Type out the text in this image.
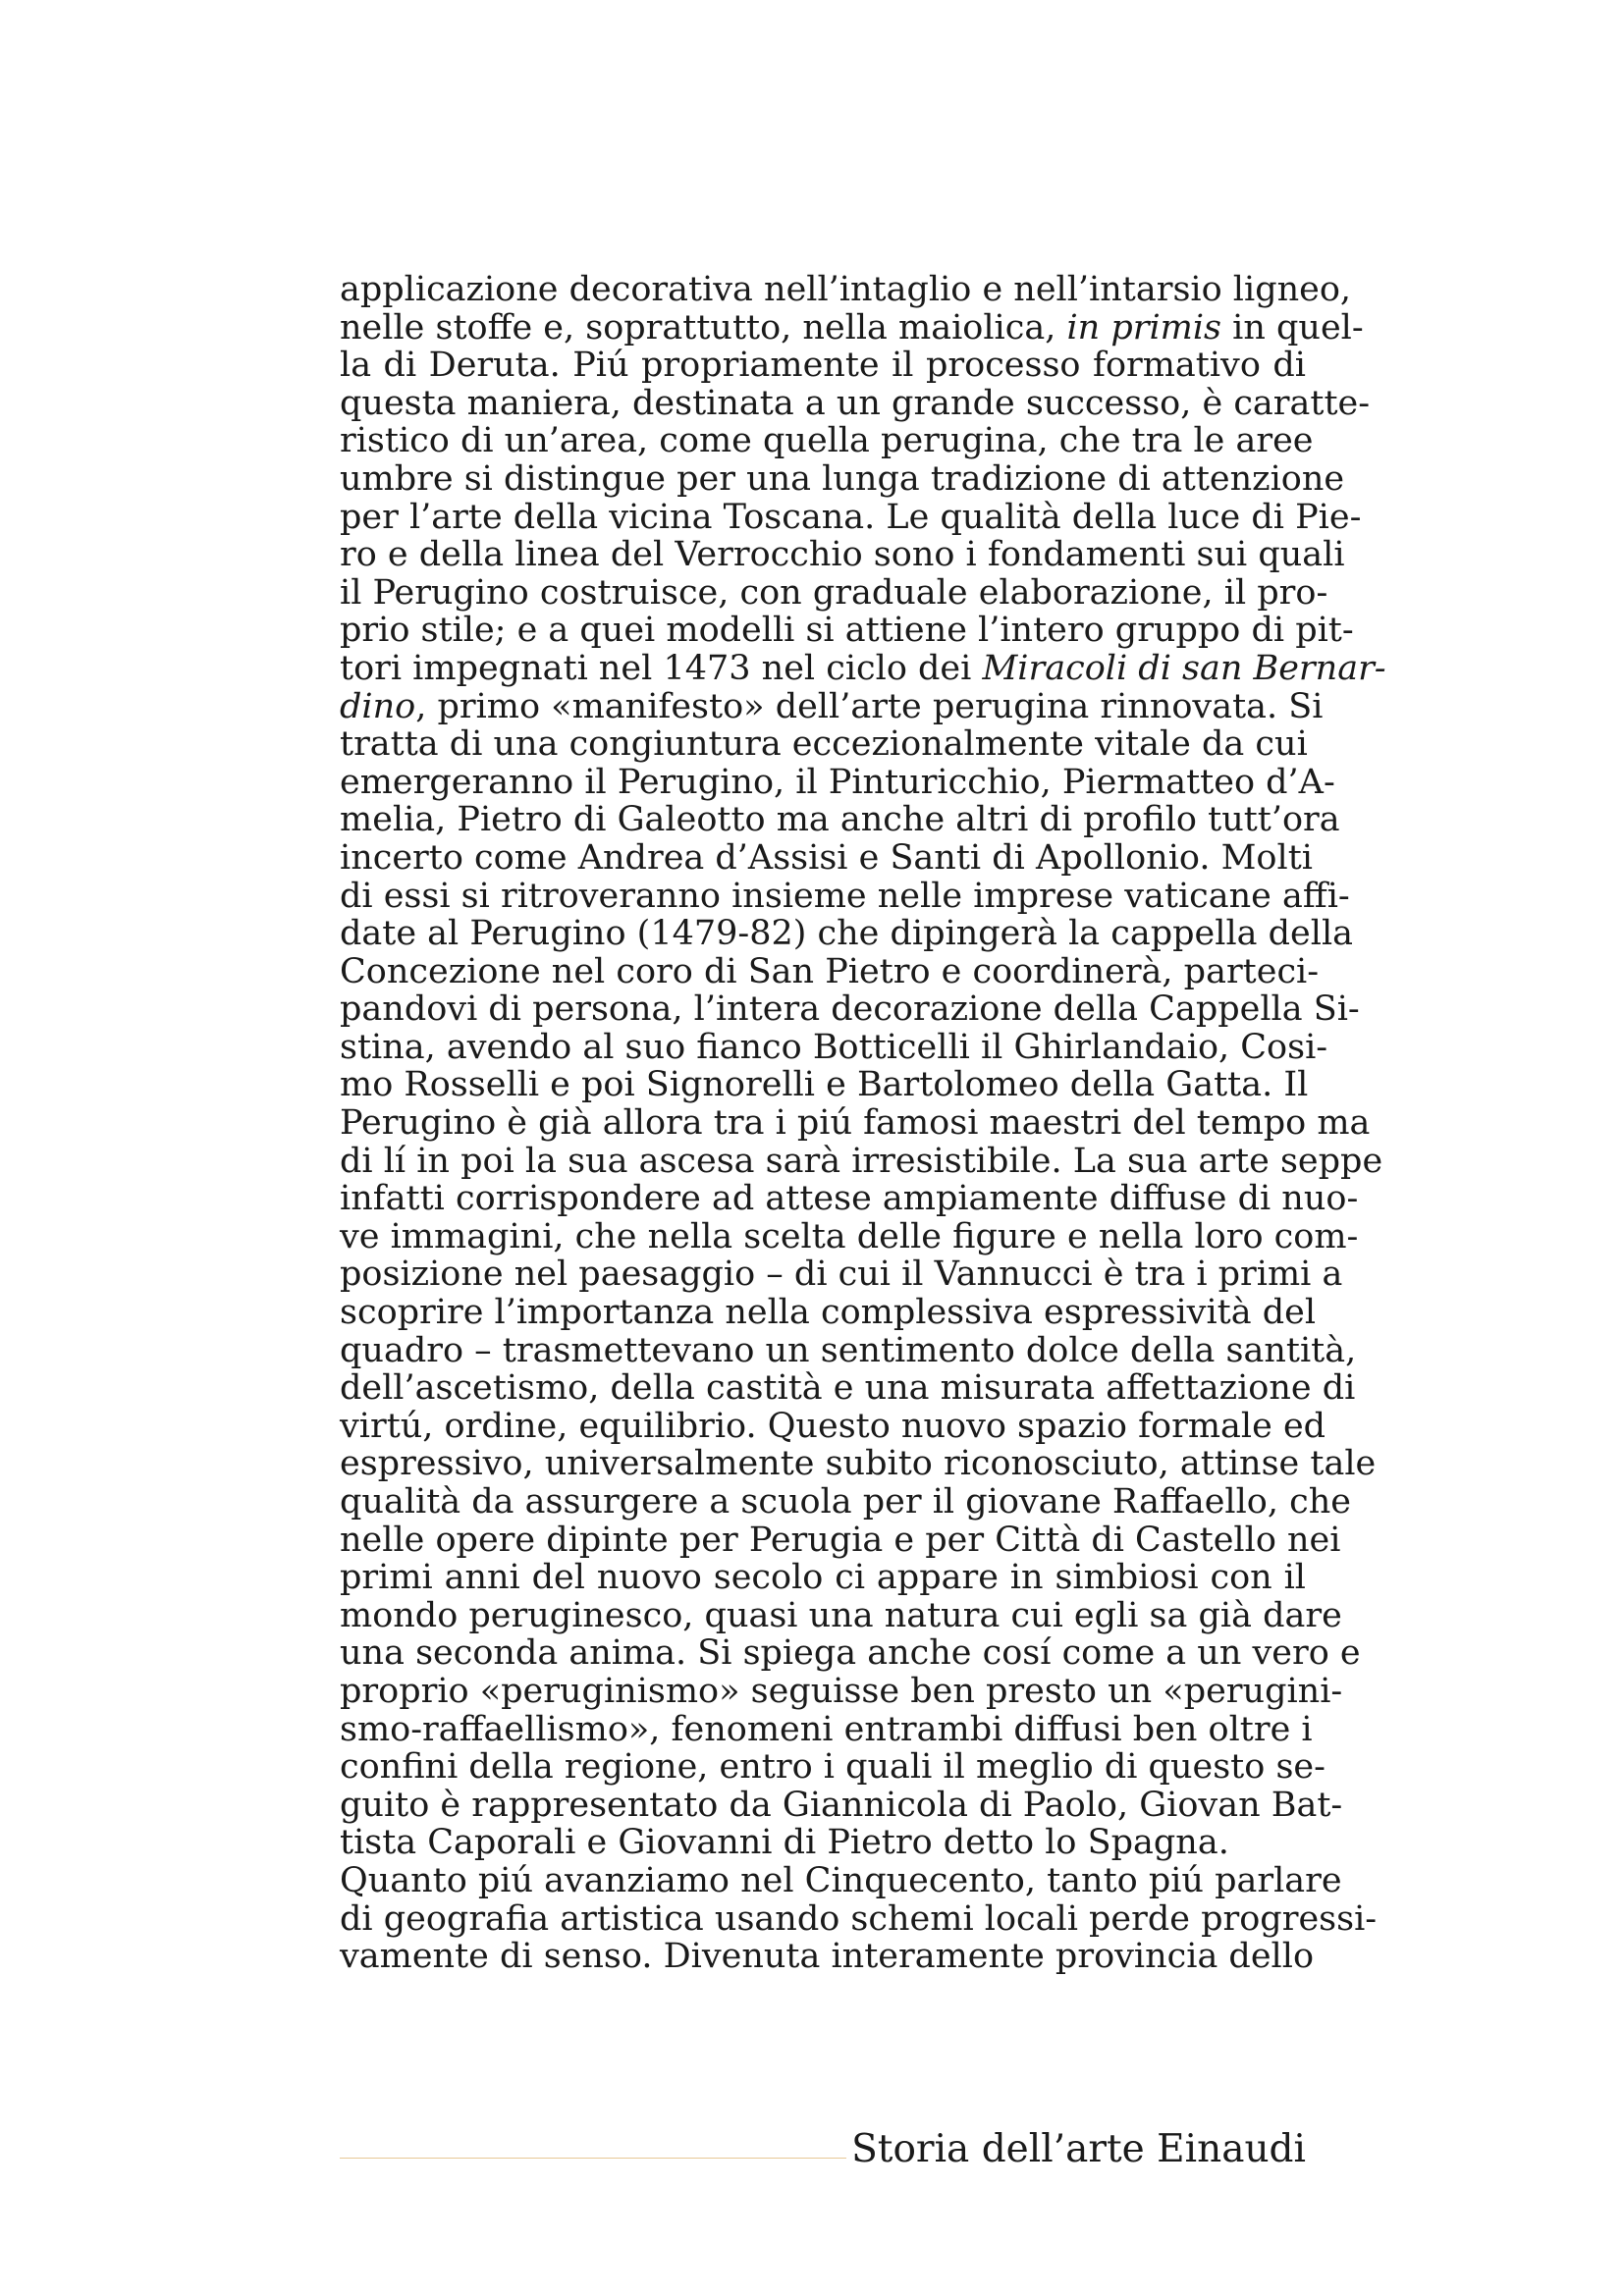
applicazione decorativa nell’intaglio e nell’intarsio ligneo,
nelle stoffe e, soprattutto, nella maiolica, in primis in quel-
la di Deruta. Piú propriamente il processo formativo di
questa maniera, destinata a un grande successo, è caratte-
ristico di un’area, come quella perugina, che tra le aree
umbre si distingue per una lunga tradizione di attenzione
per l’arte della vicina Toscana. Le qualità della luce di Pie-
ro e della linea del Verrocchio sono i fondamenti sui quali
il Perugino costruisce, con graduale elaborazione, il pro-
prio stile; e a quei modelli si attiene l’intero gruppo di pit-
tori impegnati nel 1473 nel ciclo dei Miracoli di san Bernar-
dino, primo «manifesto» dell’arte perugina rinnovata. Si
tratta di una congiuntura eccezionalmente vitale da cui
emergeranno il Perugino, il Pinturicchio, Piermatteo d’A-
melia, Pietro di Galeotto ma anche altri di profilo tutt’ora
incerto come Andrea d’Assisi e Santi di Apollonio. Molti
di essi si ritroveranno insieme nelle imprese vaticane affi-
date al Perugino (1479-82) che dipingerà la cappella della
Concezione nel coro di San Pietro e coordinerà, parteci-
pandovi di persona, l’intera decorazione della Cappella Si-
stina, avendo al suo fianco Botticelli il Ghirlandaio, Cosi-
mo Rosselli e poi Signorelli e Bartolomeo della Gatta. Il
Perugino è già allora tra i piú famosi maestri del tempo ma
di lí in poi la sua ascesa sarà irresistibile. La sua arte seppe
infatti corrispondere ad attese ampiamente diffuse di nuo-
ve immagini, che nella scelta delle figure e nella loro com-
posizione nel paesaggio – di cui il Vannucci è tra i primi a
scoprire l’importanza nella complessiva espressività del
quadro – trasmettevano un sentimento dolce della santità,
dell’ascetismo, della castità e una misurata affettazione di
virtú, ordine, equilibrio. Questo nuovo spazio formale ed
espressivo, universalmente subito riconosciuto, attinse tale
qualità da assurgere a scuola per il giovane Raffaello, che
nelle opere dipinte per Perugia e per Città di Castello nei
primi anni del nuovo secolo ci appare in simbiosi con il
mondo peruginesco, quasi una natura cui egli sa già dare
una seconda anima. Si spiega anche cosí come a un vero e
proprio «peruginismo» seguisse ben presto un «perugini-
smo-raffaellismo», fenomeni entrambi diffusi ben oltre i
confini della regione, entro i quali il meglio di questo se-
guito è rappresentato da Giannicola di Paolo, Giovan Bat-
tista Caporali e Giovanni di Pietro detto lo Spagna.
Quanto piú avanziamo nel Cinquecento, tanto piú parlare
di geografia artistica usando schemi locali perde progressi-
vamente di senso. Divenuta interamente provincia dello
Storia dell’arte Einaudi
